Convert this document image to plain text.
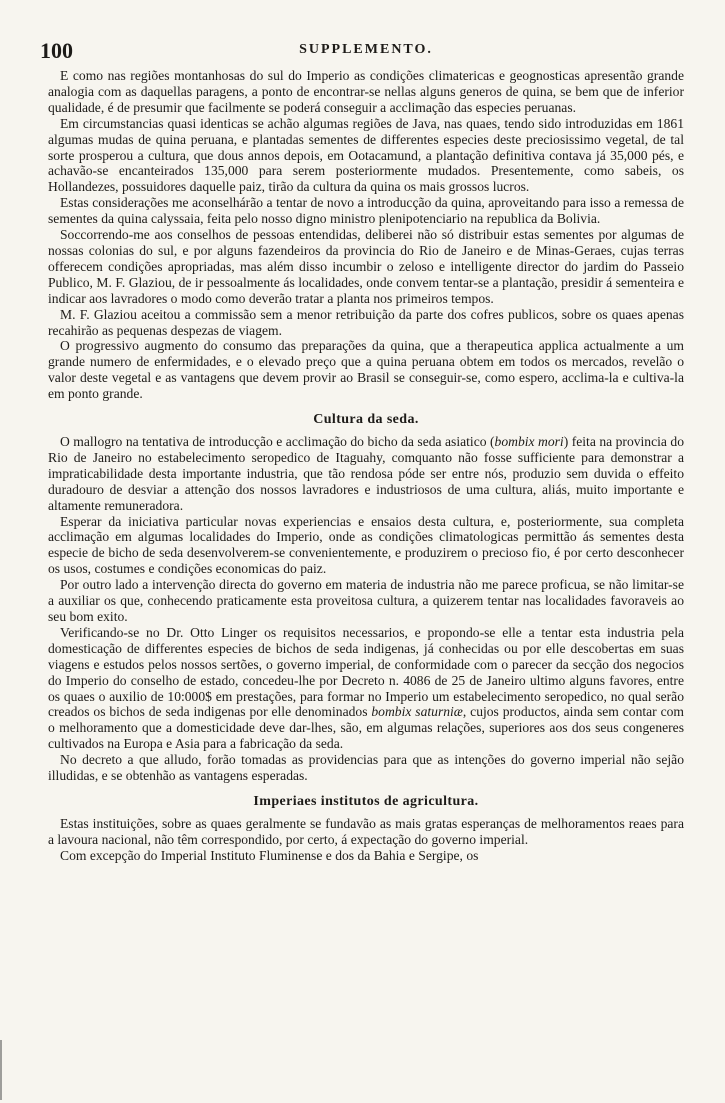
100	SUPPLEMENTO.

E como nas regiões montanhosas do sul do Imperio as condições climatericas e geognosticas apresentão grande analogia com as daquellas paragens, a ponto de encontrar-se nellas alguns generos de quina, se bem que de inferior qualidade, é de presumir que facilmente se poderá conseguir a acclimação das especies peruanas.

Em circumstancias quasi identicas se achão algumas regiões de Java, nas quaes, tendo sido introduzidas em 1861 algumas mudas de quina peruana, e plantadas sementes de differentes especies deste preciosissimo vegetal, de tal sorte prosperou a cultura, que dous annos depois, em Ootacamund, a plantação definitiva contava já 35,000 pés, e achavão-se encanteirados 135,000 para serem posteriormente mudados. Presentemente, como sabeis, os Hollandezes, possuidores daquelle paiz, tirão da cultura da quina os mais grossos lucros.

Estas considerações me aconselhárão a tentar de novo a introducção da quina, aproveitando para isso a remessa de sementes da quina calyssaia, feita pelo nosso digno ministro plenipotenciario na republica da Bolivia.

Soccorrendo-me aos conselhos de pessoas entendidas, deliberei não só distribuir estas sementes por algumas de nossas colonias do sul, e por alguns fazendeiros da provincia do Rio de Janeiro e de Minas-Geraes, cujas terras offerecem condições apropriadas, mas além disso incumbir o zeloso e intelligente director do jardim do Passeio Publico, M. F. Glaziou, de ir pessoalmente ás localidades, onde convem tentar-se a plantação, presidir á sementeira e indicar aos lavradores o modo como deverão tratar a planta nos primeiros tempos.

M. F. Glaziou aceitou a commissão sem a menor retribuição da parte dos cofres publicos, sobre os quaes apenas recahirão as pequenas despezas de viagem.

O progressivo augmento do consumo das preparações da quina, que a therapeutica applica actualmente a um grande numero de enfermidades, e o elevado preço que a quina peruana obtem em todos os mercados, revelão o valor deste vegetal e as vantagens que devem provir ao Brasil se conseguir-se, como espero, acclima-la e cultiva-la em ponto grande.

Cultura da seda.

O mallogro na tentativa de introducção e acclimação do bicho da seda asiatico (bombix mori) feita na provincia do Rio de Janeiro no estabelecimento seropedico de Itaguahy, comquanto não fosse sufficiente para demonstrar a impraticabilidade desta importante industria, que tão rendosa póde ser entre nós, produzio sem duvida o effeito duradouro de desviar a attenção dos nossos lavradores e industriosos de uma cultura, aliás, muito importante e altamente remuneradora.

Esperar da iniciativa particular novas experiencias e ensaios desta cultura, e, posteriormente, sua completa acclimação em algumas localidades do Imperio, onde as condições climatologicas permittão ás sementes desta especie de bicho de seda desenvolverem-se convenientemente, e produzirem o precioso fio, é por certo desconhecer os usos, costumes e condições economicas do paiz.

Por outro lado a intervenção directa do governo em materia de industria não me parece proficua, se não limitar-se a auxiliar os que, conhecendo praticamente esta proveitosa cultura, a quizerem tentar nas localidades favoraveis ao seu bom exito.

Verificando-se no Dr. Otto Linger os requisitos necessarios, e propondo-se elle a tentar esta industria pela domesticação de differentes especies de bichos de seda indigenas, já conhecidas ou por elle descobertas em suas viagens e estudos pelos nossos sertões, o governo imperial, de conformidade com o parecer da secção dos negocios do Imperio do conselho de estado, concedeu-lhe por Decreto n. 4086 de 25 de Janeiro ultimo alguns favores, entre os quaes o auxilio de 10:000$ em prestações, para formar no Imperio um estabelecimento seropedico, no qual serão creados os bichos de seda indigenas por elle denominados bombix saturniæ, cujos productos, ainda sem contar com o melhoramento que a domesticidade deve dar-lhes, são, em algumas relações, superiores aos dos seus congeneres cultivados na Europa e Asia para a fabricação da seda.

No decreto a que alludo, forão tomadas as providencias para que as intenções do governo imperial não sejão illudidas, e se obtenhão as vantagens esperadas.

Imperiaes institutos de agricultura.

Estas instituições, sobre as quaes geralmente se fundavão as mais gratas esperanças de melhoramentos reaes para a lavoura nacional, não têm correspondido, por certo, á expectação do governo imperial.

Com excepção do Imperial Instituto Fluminense e dos da Bahia e Sergipe, os
